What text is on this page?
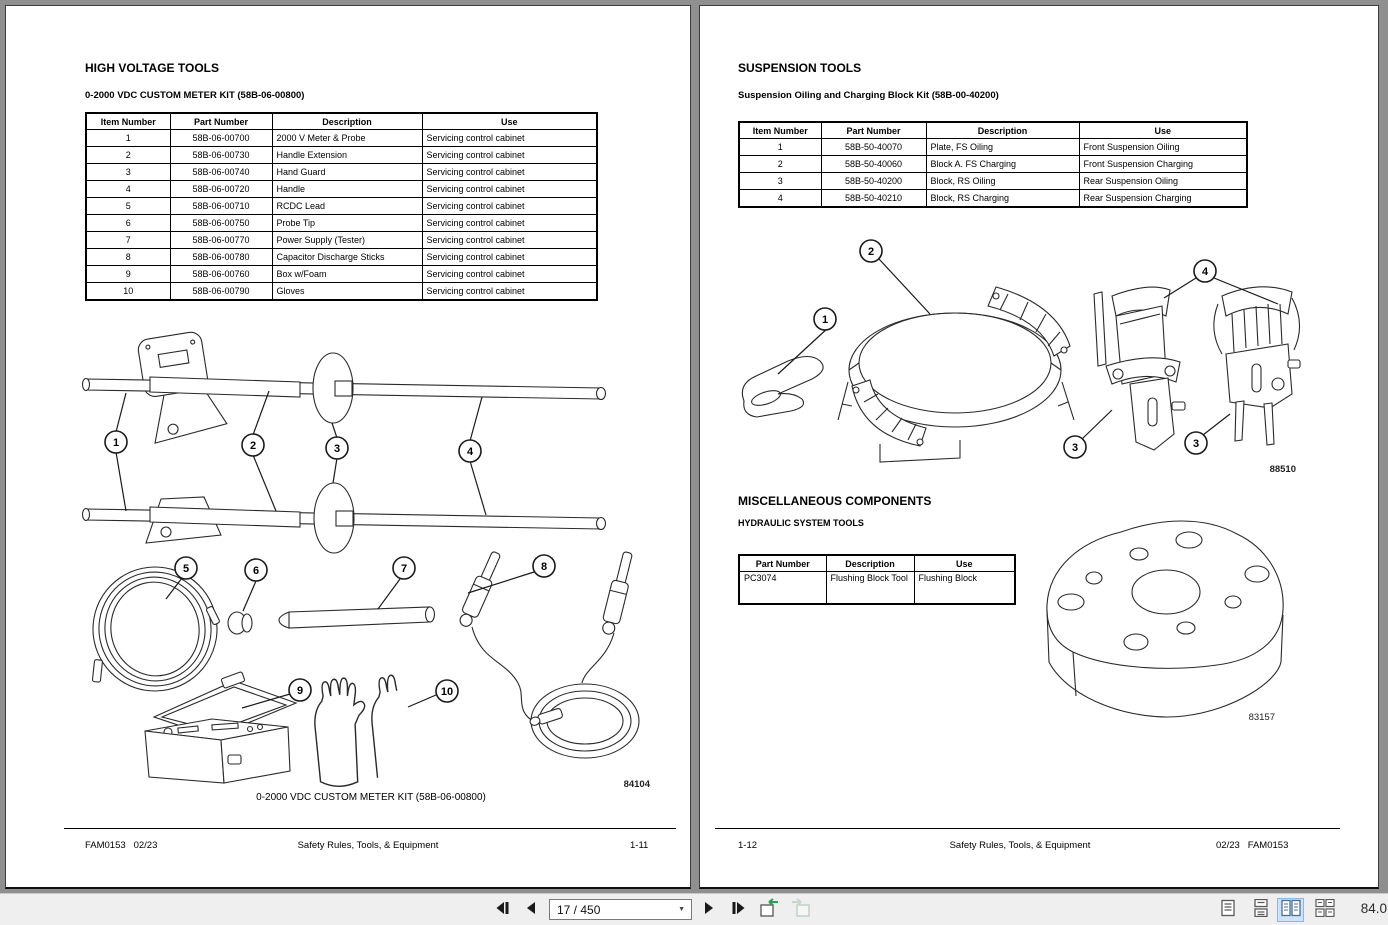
HIGH VOLTAGE TOOLS
0-2000 VDC CUSTOM METER KIT (58B-06-00800)
Item Number	Part Number	Description	Use
1	58B-06-00700	2000 V Meter & Probe	Servicing control cabinet
2	58B-06-00730	Handle Extension	Servicing control cabinet
3	58B-06-00740	Hand Guard	Servicing control cabinet
4	58B-06-00720	Handle	Servicing control cabinet
5	58B-06-00710	RCDC Lead	Servicing control cabinet
6	58B-06-00750	Probe Tip	Servicing control cabinet
7	58B-06-00770	Power Supply (Tester)	Servicing control cabinet
8	58B-06-00780	Capacitor Discharge Sticks	Servicing control cabinet
9	58B-06-00760	Box w/Foam	Servicing control cabinet
10	58B-06-00790	Gloves	Servicing control cabinet
1	2	3	4
5	6	7	8
9	10
84104
0-2000 VDC CUSTOM METER KIT (58B-06-00800)
FAM0153   02/23	Safety Rules, Tools, & Equipment	1-11
SUSPENSION TOOLS
Suspension Oiling and Charging Block Kit (58B-00-40200)
Item Number	Part Number	Description	Use
1	58B-50-40070	Plate, FS Oiling	Front Suspension Oiling
2	58B-50-40060	Block A. FS Charging	Front Suspension Charging
3	58B-50-40200	Block, RS Oiling	Rear Suspension Oiling
4	58B-50-40210	Block, RS Charging	Rear Suspension Charging
1
2
3	3
4
88510
MISCELLANEOUS COMPONENTS
HYDRAULIC SYSTEM TOOLS
Part Number	Description	Use
PC3074	Flushing Block Tool	Flushing Block
83157
1-12	Safety Rules, Tools, & Equipment	02/23   FAM0153
17 / 450	▼	84.0
